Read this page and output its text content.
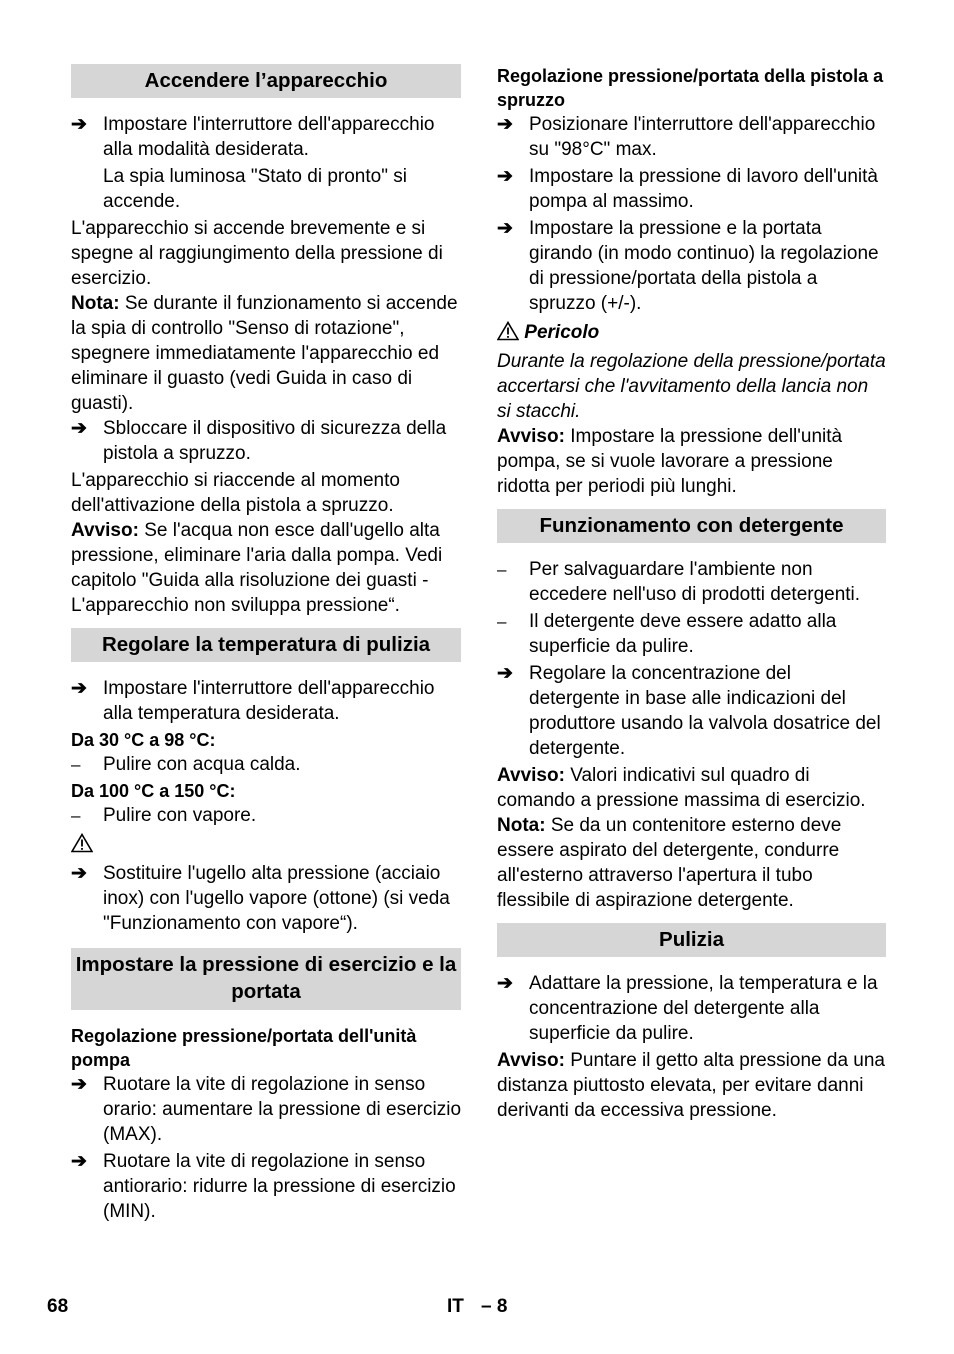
Accendere l’apparecchio
➔ Impostare l'interruttore dell'apparecchio alla modalità desiderata.
La spia luminosa "Stato di pronto" si accende.

L'apparecchio si accende brevemente e si spegne al raggiungimento della pressione di esercizio.

Nota: Se durante il funzionamento si accende la spia di controllo "Senso di rotazione", spegnere immediatamente l'apparecchio ed eliminare il guasto (vedi Guida in caso di guasti).

➔ Sbloccare il dispositivo di sicurezza della pistola a spruzzo.

L'apparecchio si riaccende al momento dell'attivazione della pistola a spruzzo.

Avviso: Se l'acqua non esce dall'ugello alta pressione, eliminare l'aria dalla pompa. Vedi capitolo "Guida alla risoluzione dei guasti - L'apparecchio non sviluppa pressione“.

Regolare la temperatura di pulizia
➔ Impostare l'interruttore dell'apparecchio alla temperatura desiderata.

Da 30 °C a 98 °C:

–	Pulire con acqua calda.

Da 100 °C a 150 °C:

–	Pulire con vapore.
➔ Sostituire l'ugello alta pressione (acciaio inox) con l'ugello vapore (ottone) (si veda "Funzionamento con vapore“).
Impostare la pressione di esercizio e la portata

Regolazione pressione/portata dell'unità pompa

➔ Ruotare la vite di regolazione in senso orario: aumentare la pressione di esercizio (MAX).
➔ Ruotare la vite di regolazione in senso antiorario: ridurre la pressione di esercizio (MIN).

Regolazione pressione/portata della pistola a spruzzo

➔ Posizionare l'interruttore dell'apparecchio su "98°C" max.
➔ Impostare la pressione di lavoro dell'unità pompa al massimo.
➔ Impostare la pressione e la portata girando (in modo continuo) la regolazione di pressione/portata della pistola a spruzzo (+/-).
Pericolo

Durante la regolazione della pressione/portata accertarsi che l'avvitamento della lancia non si stacchi.

Avviso: Impostare la pressione dell'unità pompa, se si vuole lavorare a pressione ridotta per periodi più lunghi.

Funzionamento con detergente
–	Per salvaguardare l'ambiente non eccedere nell'uso di prodotti detergenti.
–	Il detergente deve essere adatto alla superficie da pulire.
➔ Regolare la concentrazione del detergente in base alle indicazioni del produttore usando la valvola dosatrice del detergente.

Avviso: Valori indicativi sul quadro di comando a pressione massima di esercizio.

Nota: Se da un contenitore esterno deve essere aspirato del detergente, condurre all'esterno attraverso l'apertura il tubo flessibile di aspirazione detergente.

Pulizia
➔ Adattare la pressione, la temperatura e la concentrazione del detergente alla superficie da pulire.

Avviso: Puntare il getto alta pressione da una distanza piuttosto elevata, per evitare danni derivanti da eccessiva pressione.

68	IT – 8
